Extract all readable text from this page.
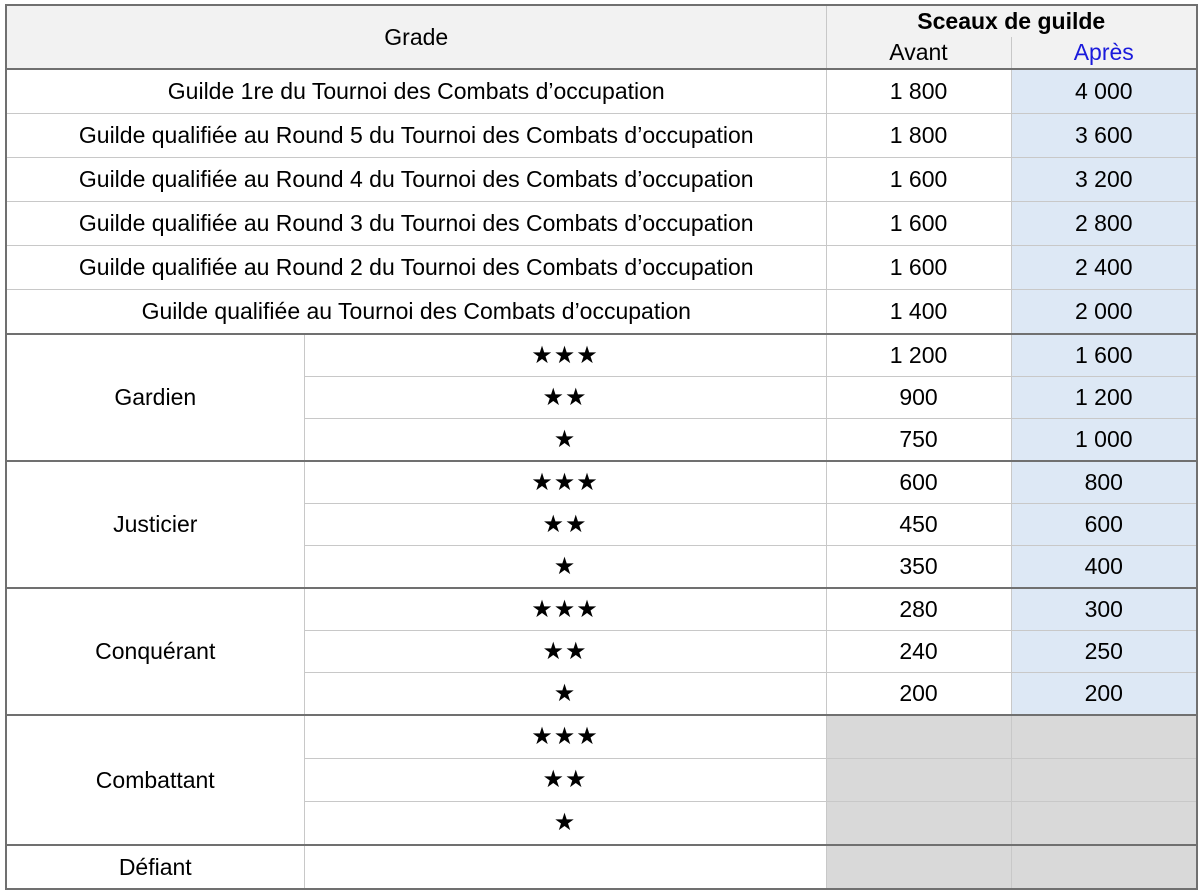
Grade		Sceaux de guilde	
		Avant	Après
Guilde 1re du Tournoi des Combats d’occupation		1 800	4 000
Guilde qualifiée au Round 5 du Tournoi des Combats d’occupation		1 800	3 600
Guilde qualifiée au Round 4 du Tournoi des Combats d’occupation		1 600	3 200
Guilde qualifiée au Round 3 du Tournoi des Combats d’occupation		1 600	2 800
Guilde qualifiée au Round 2 du Tournoi des Combats d’occupation		1 600	2 400
Guilde qualifiée au Tournoi des Combats d’occupation		1 400	2 000
Gardien	★★★	1 200	1 600
	★★	900	1 200
	★	750	1 000
Justicier	★★★	600	800
	★★	450	600
	★	350	400
Conquérant	★★★	280	300
	★★	240	250
	★	200	200
Combattant	★★★		
	★★		
	★		
Défiant			
